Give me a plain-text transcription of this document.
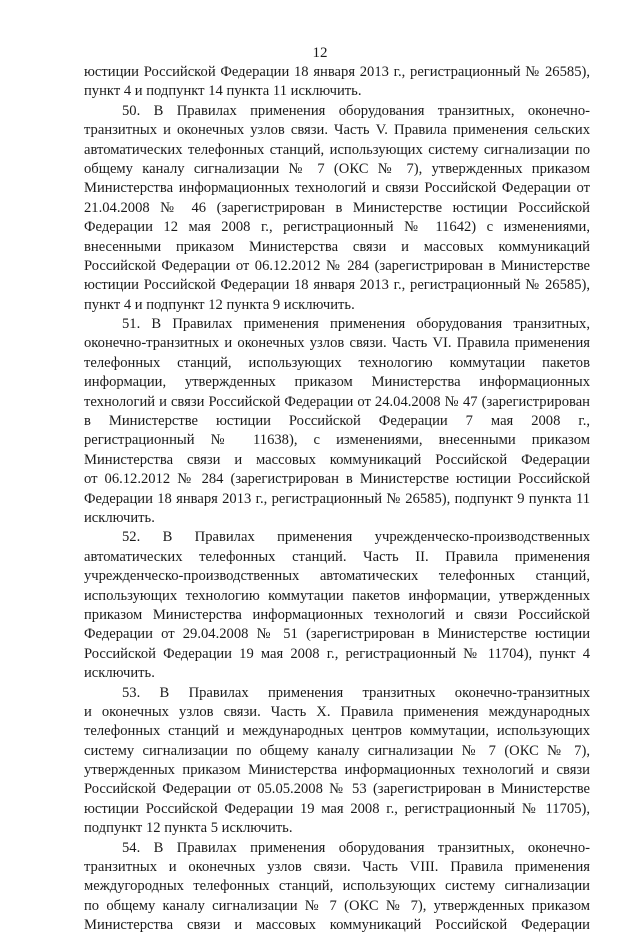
12
юстиции Российской Федерации 18 января 2013 г., регистрационный № 26585),
пункт 4 и подпункт 14 пункта 11 исключить.
50. В Правилах применения оборудования транзитных, оконечно-
транзитных и оконечных узлов связи. Часть V. Правила применения сельских
автоматических телефонных станций, использующих систему сигнализации по
общему каналу сигнализации № 7 (ОКС № 7), утвержденных приказом
Министерства информационных технологий и связи Российской Федерации от
21.04.2008 № 46 (зарегистрирован в Министерстве юстиции Российской
Федерации 12 мая 2008 г., регистрационный № 11642) с изменениями,
внесенными приказом Министерства связи и массовых коммуникаций
Российской Федерации от 06.12.2012 № 284 (зарегистрирован в Министерстве
юстиции Российской Федерации 18 января 2013 г., регистрационный № 26585),
пункт 4 и подпункт 12 пункта 9 исключить.
51. В Правилах применения применения оборудования транзитных,
оконечно-транзитных и оконечных узлов связи. Часть VI. Правила применения
телефонных станций, использующих технологию коммутации пакетов
информации, утвержденных приказом Министерства информационных
технологий и связи Российской Федерации от 24.04.2008 № 47 (зарегистрирован
в Министерстве юстиции Российской Федерации 7 мая 2008 г.,
регистрационный № 11638), с изменениями, внесенными приказом
Министерства связи и массовых коммуникаций Российской Федерации
от 06.12.2012 № 284 (зарегистрирован в Министерстве юстиции Российской
Федерации 18 января 2013 г., регистрационный № 26585), подпункт 9 пункта 11
исключить.
52. В Правилах применения учрежденческо-производственных
автоматических телефонных станций. Часть II. Правила применения
учрежденческо-производственных автоматических телефонных станций,
использующих технологию коммутации пакетов информации, утвержденных
приказом Министерства информационных технологий и связи Российской
Федерации от 29.04.2008 № 51 (зарегистрирован в Министерстве юстиции
Российской Федерации 19 мая 2008 г., регистрационный № 11704), пункт 4
исключить.
53. В Правилах применения транзитных оконечно-транзитных
и оконечных узлов связи. Часть X. Правила применения международных
телефонных станций и международных центров коммутации, использующих
систему сигнализации по общему каналу сигнализации № 7 (ОКС № 7),
утвержденных приказом Министерства информационных технологий и связи
Российской Федерации от 05.05.2008 № 53 (зарегистрирован в Министерстве
юстиции Российской Федерации 19 мая 2008 г., регистрационный № 11705),
подпункт 12 пункта 5 исключить.
54. В Правилах применения оборудования транзитных, оконечно-
транзитных и оконечных узлов связи. Часть VIII. Правила применения
междугородных телефонных станций, использующих систему сигнализации
по общему каналу сигнализации № 7 (ОКС № 7), утвержденных приказом
Министерства связи и массовых коммуникаций Российской Федерации
